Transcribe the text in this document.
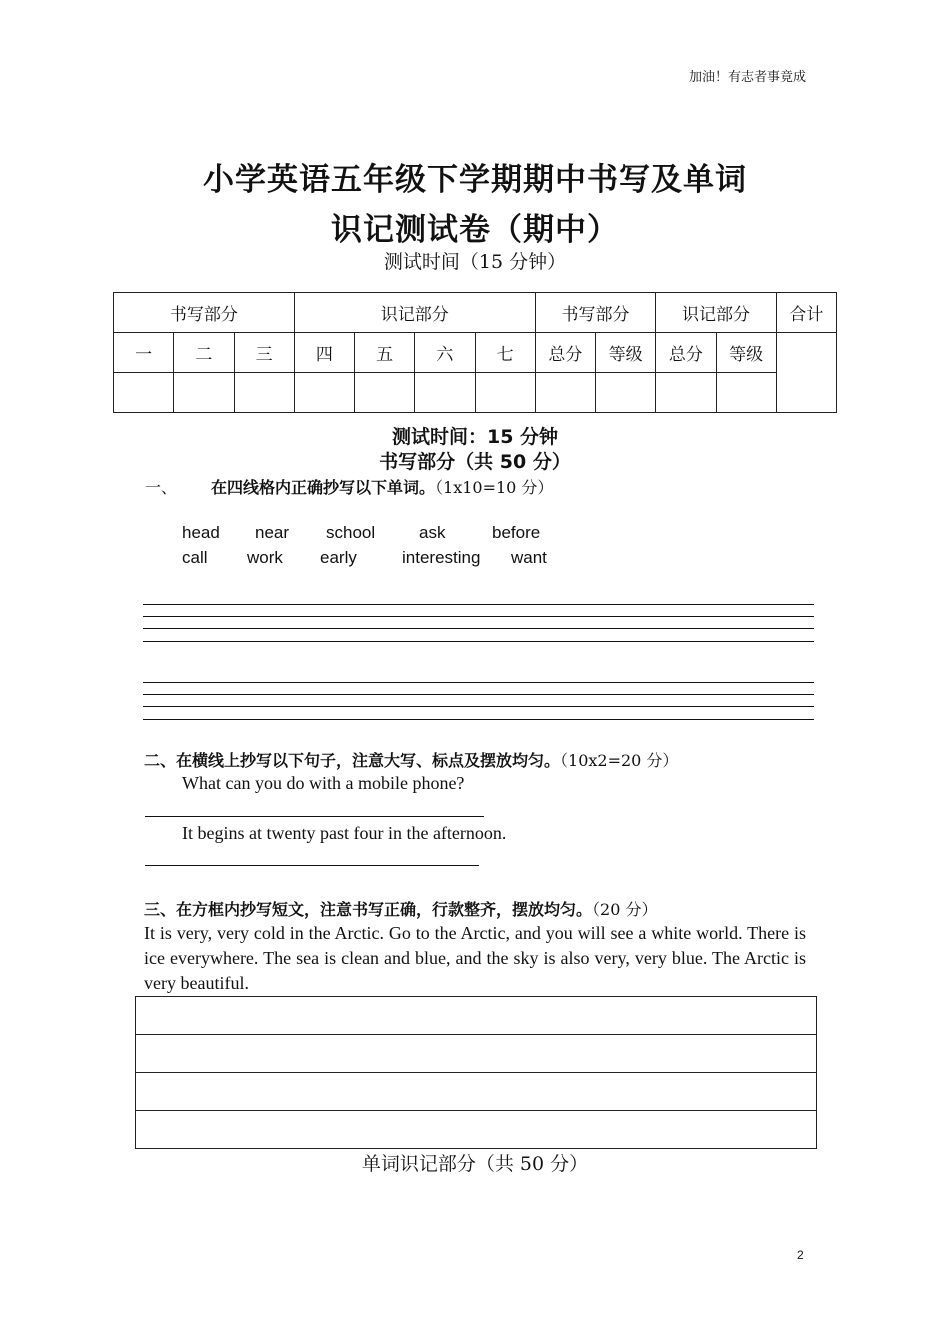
加油！有志者事竟成
小学英语五年级下学期期中书写及单词
识记测试卷（期中）
测试时间（15 分钟）
书写部分			识记部分				书写部分		识记部分		合计
一	二	三	四	五	六	七	总分	等级	总分	等级	

测试时间：15 分钟
书写部分（共 50 分）
一、 在四线格内正确抄写以下单词。（1x10=10 分）
head near school	ask	before
call work early	interesting want
二、在横线上抄写以下句子，注意大写、标点及摆放均匀。（10x2=20 分）
What can you do with a mobile phone?
It begins at twenty past four in the afternoon.
三、在方框内抄写短文，注意书写正确，行款整齐，摆放均匀。（20 分）
It is very, very cold in the Arctic. Go to the Arctic, and you will see a white world. There is ice everywhere. The sea is clean and blue, and the sky is also very, very blue. The Arctic is very beautiful.
单词识记部分（共 50 分）
2
